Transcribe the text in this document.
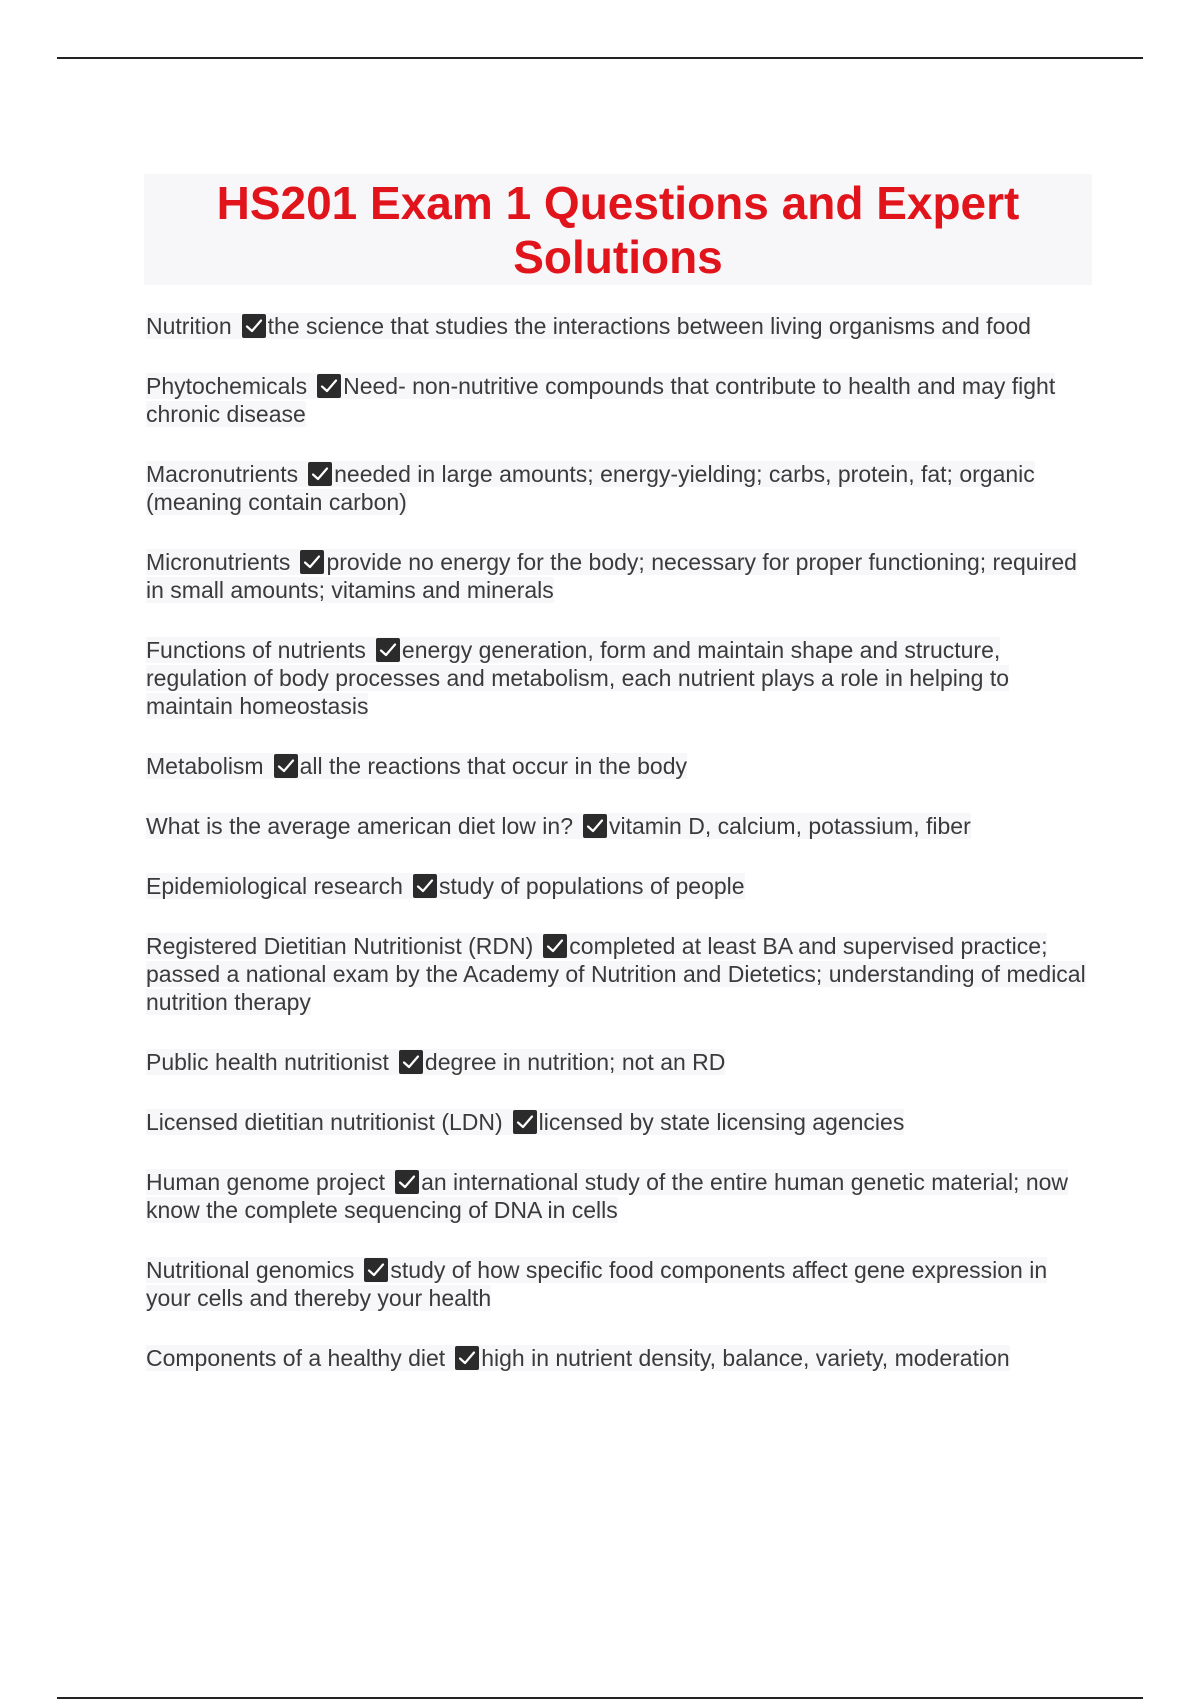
HS201 Exam 1 Questions and Expert Solutions

Nutrition the science that studies the interactions between living organisms and food

Phytochemicals Need- non-nutritive compounds that contribute to health and may fight chronic disease

Macronutrients needed in large amounts; energy-yielding; carbs, protein, fat; organic (meaning contain carbon)

Micronutrients provide no energy for the body; necessary for proper functioning; required in small amounts; vitamins and minerals

Functions of nutrients energy generation, form and maintain shape and structure, regulation of body processes and metabolism, each nutrient plays a role in helping to maintain homeostasis

Metabolism all the reactions that occur in the body

What is the average american diet low in? vitamin D, calcium, potassium, fiber

Epidemiological research study of populations of people

Registered Dietitian Nutritionist (RDN) completed at least BA and supervised practice; passed a national exam by the Academy of Nutrition and Dietetics; understanding of medical nutrition therapy

Public health nutritionist degree in nutrition; not an RD

Licensed dietitian nutritionist (LDN) licensed by state licensing agencies

Human genome project an international study of the entire human genetic material; now know the complete sequencing of DNA in cells

Nutritional genomics study of how specific food components affect gene expression in your cells and thereby your health

Components of a healthy diet high in nutrient density, balance, variety, moderation
